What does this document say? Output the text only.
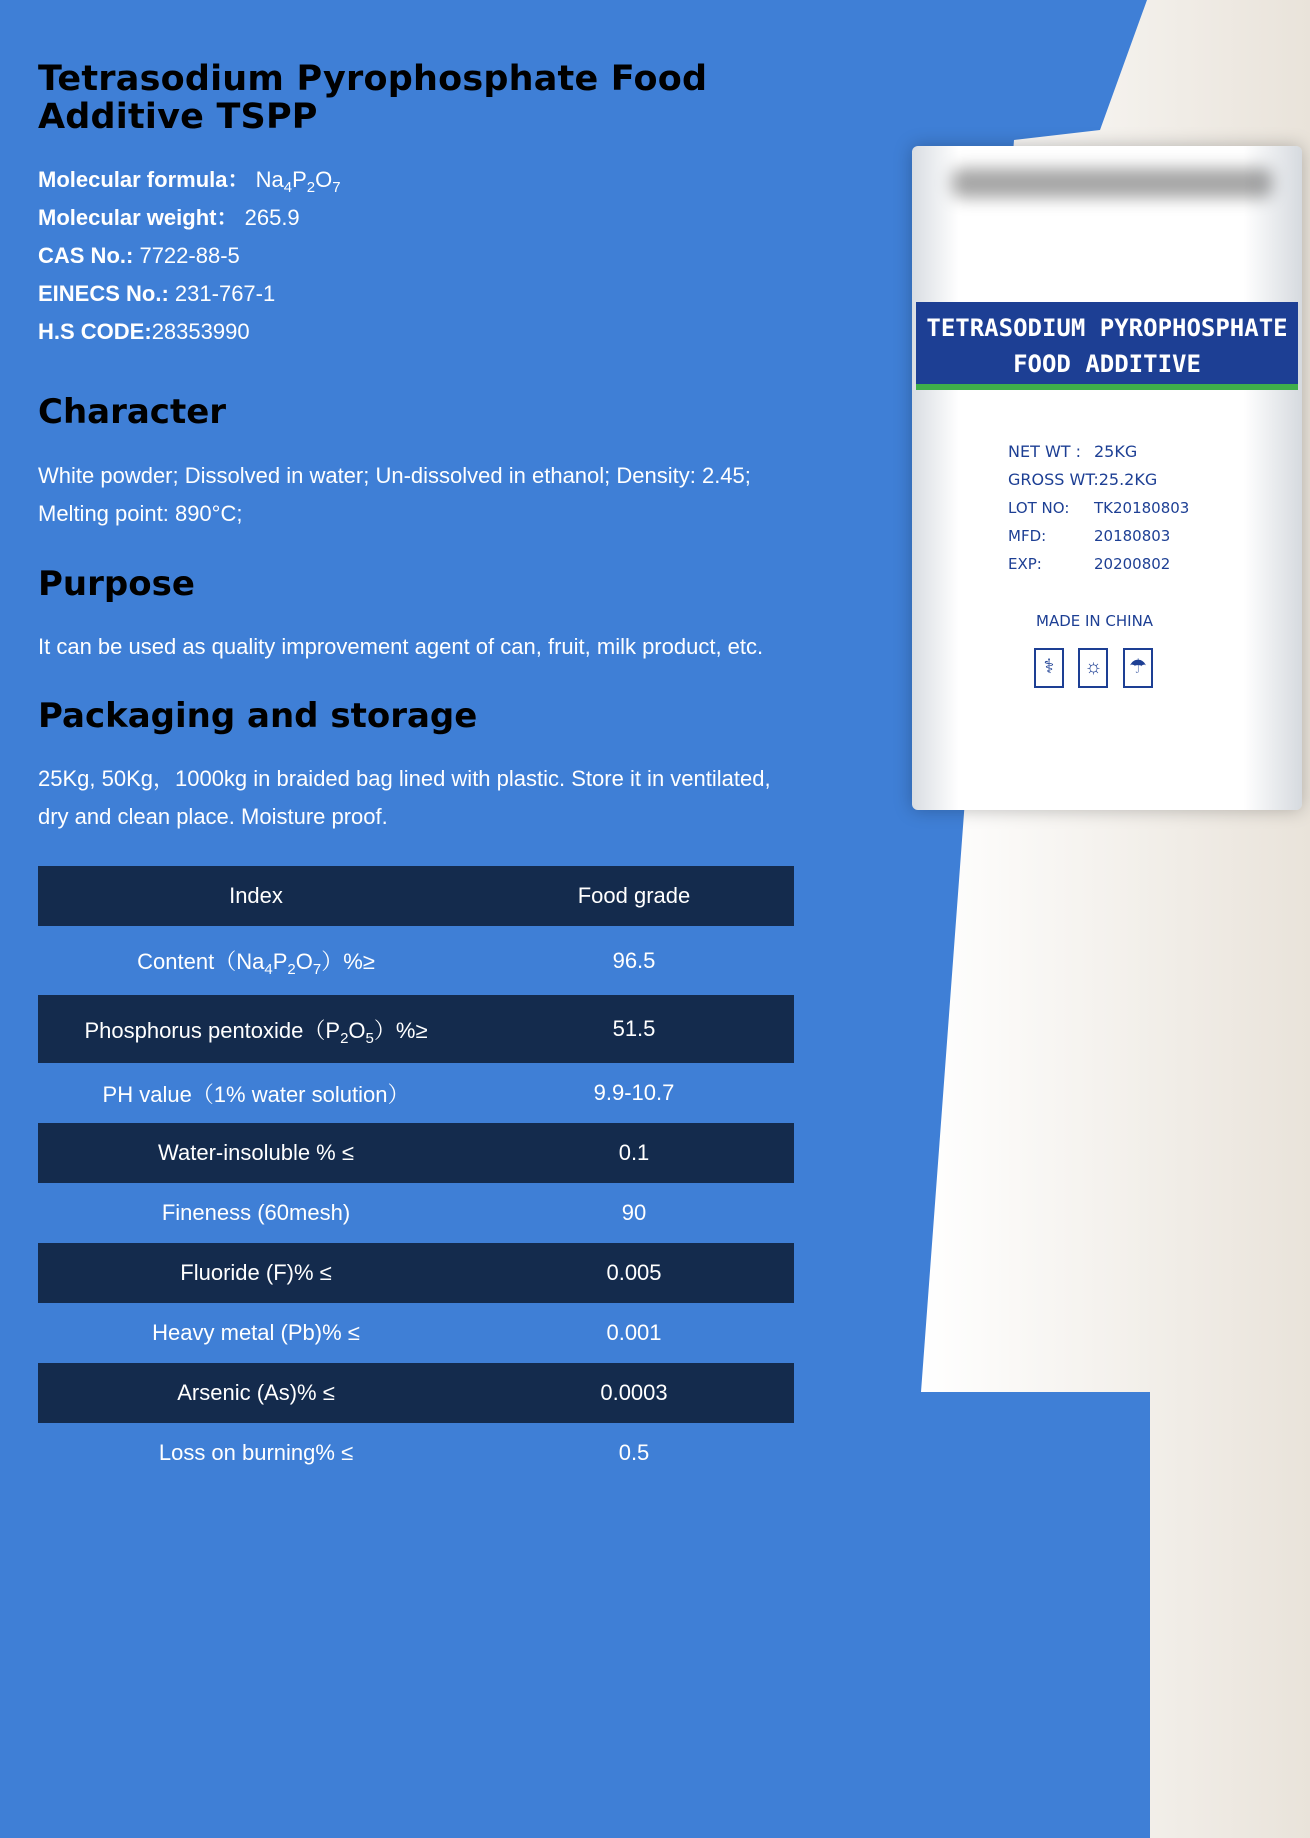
Tetrasodium Pyrophosphate Food
Additive TSPP

Molecular formula： $Na_4P_2O_7$

Molecular weight： 265.9

CAS No.: 7722-88-5

EINECS No.: 231-767-1

H.S CODE:28353990

Character

White powder; Dissolved in water; Un-dissolved in ethanol; Density: 2.45;
Melting point: 890°C;

Purpose

It can be used as quality improvement agent of can, fruit, milk product, etc.

Packaging and storage

25Kg, 50Kg，1000kg in braided bag lined with plastic. Store it in ventilated,
dry and clean place. Moisture proof.

Index	Food grade
$Content(Na_4P_2O_7)\%\ge$	96.5
Phosphorus $pentoxide(P_2O_5)\%\ge$	51.5
PH value（1% water solution）	9.9-10.7
Water-insoluble % ≤	0.1
Fineness (60mesh)	90
Fluoride (F)% ≤	0.005
Heavy metal (Pb)% ≤	0.001
Arsenic (As)% ≤	0.0003
Loss on burning% ≤	0.5
TETRASODIUM PYROPHOSPHATE
FOOD ADDITIVE
NET WT : 25KG
GROSS WT:25.2KG
LOT NO: TK20180803
MFD:	20180803
EXP:	20200802
MADE IN CHINA
⚕ ☼ ☂
